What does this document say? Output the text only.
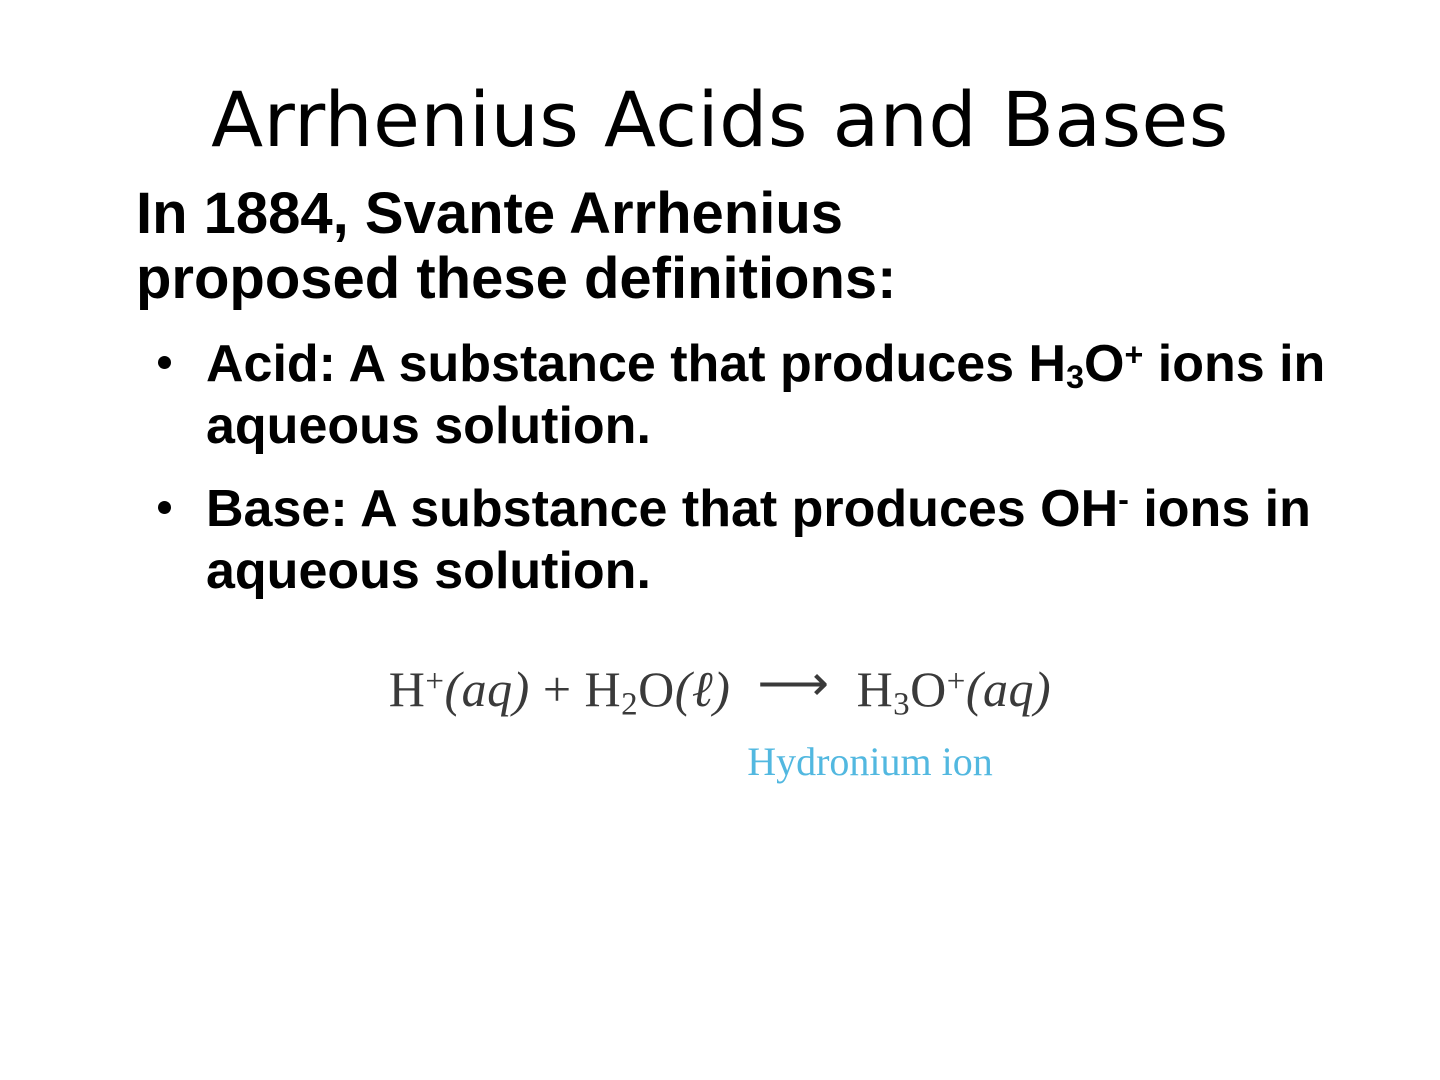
Arrhenius Acids and Bases
In 1884, Svante Arrhenius
proposed these definitions:
Acid: A substance that produces $H_3O^+$ ions in aqueous solution.
Base: A substance that produces OH- ions in aqueous solution.
$H^+(aq) + H_2O(\ell)$ ⟶ $H_3O^+(aq)$
Hydronium ion
